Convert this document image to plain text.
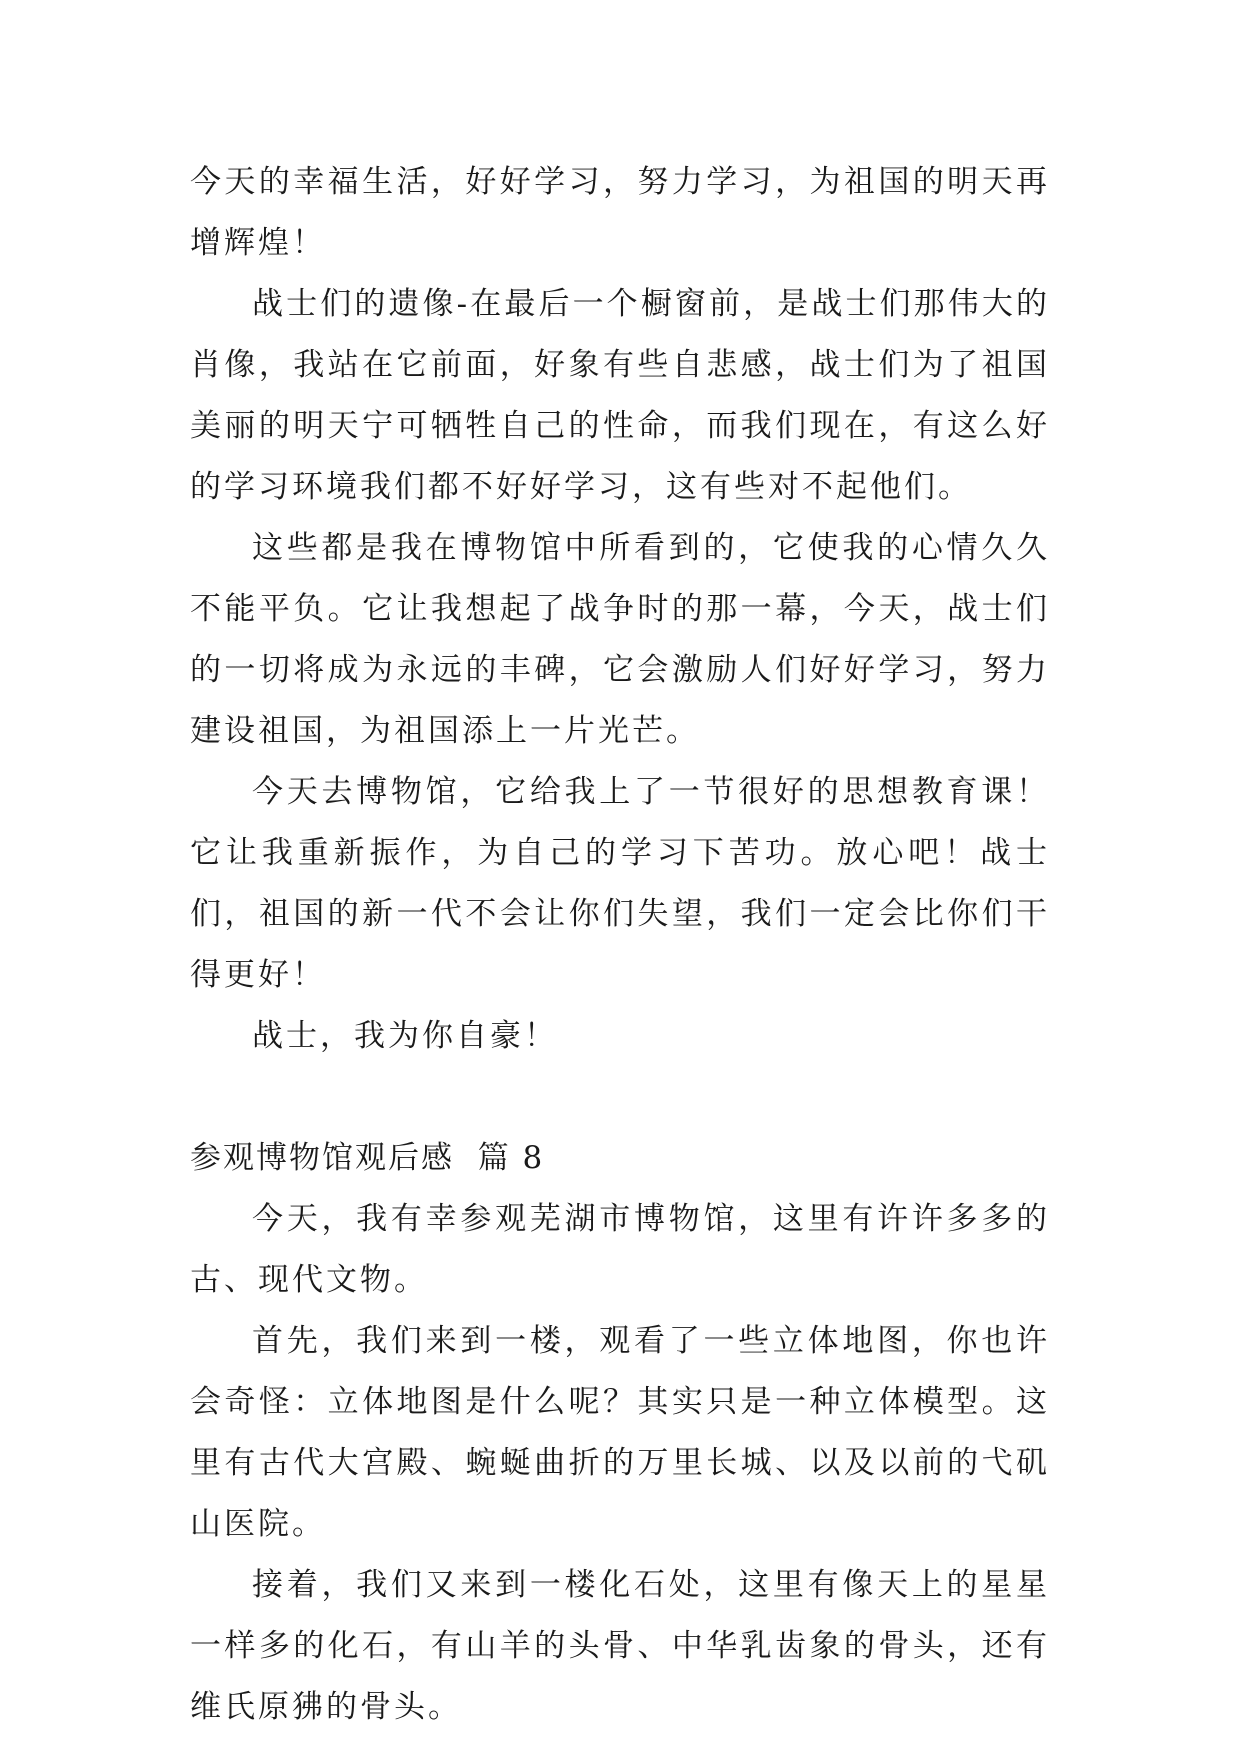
今天的幸福生活，好好学习，努力学习，为祖国的明天再增辉煌！

战士们的遗像-在最后一个橱窗前，是战士们那伟大的肖像，我站在它前面，好象有些自悲感，战士们为了祖国美丽的明天宁可牺牲自己的性命，而我们现在，有这么好的学习环境我们都不好好学习，这有些对不起他们。

这些都是我在博物馆中所看到的，它使我的心情久久不能平负。它让我想起了战争时的那一幕，今天，战士们的一切将成为永远的丰碑，它会激励人们好好学习，努力建设祖国，为祖国添上一片光芒。

今天去博物馆，它给我上了一节很好的思想教育课！它让我重新振作，为自己的学习下苦功。放心吧！战士们，祖国的新一代不会让你们失望，我们一定会比你们干得更好！

战士，我为你自豪！

参观博物馆观后感  篇 8

今天，我有幸参观芜湖市博物馆，这里有许许多多的古、现代文物。

首先，我们来到一楼，观看了一些立体地图，你也许会奇怪：立体地图是什么呢？其实只是一种立体模型。这里有古代大宫殿、蜿蜒曲折的万里长城、以及以前的弋矶山医院。

接着，我们又来到一楼化石处，这里有像天上的星星一样多的化石，有山羊的头骨、中华乳齿象的骨头，还有维氏原狒的骨头。
